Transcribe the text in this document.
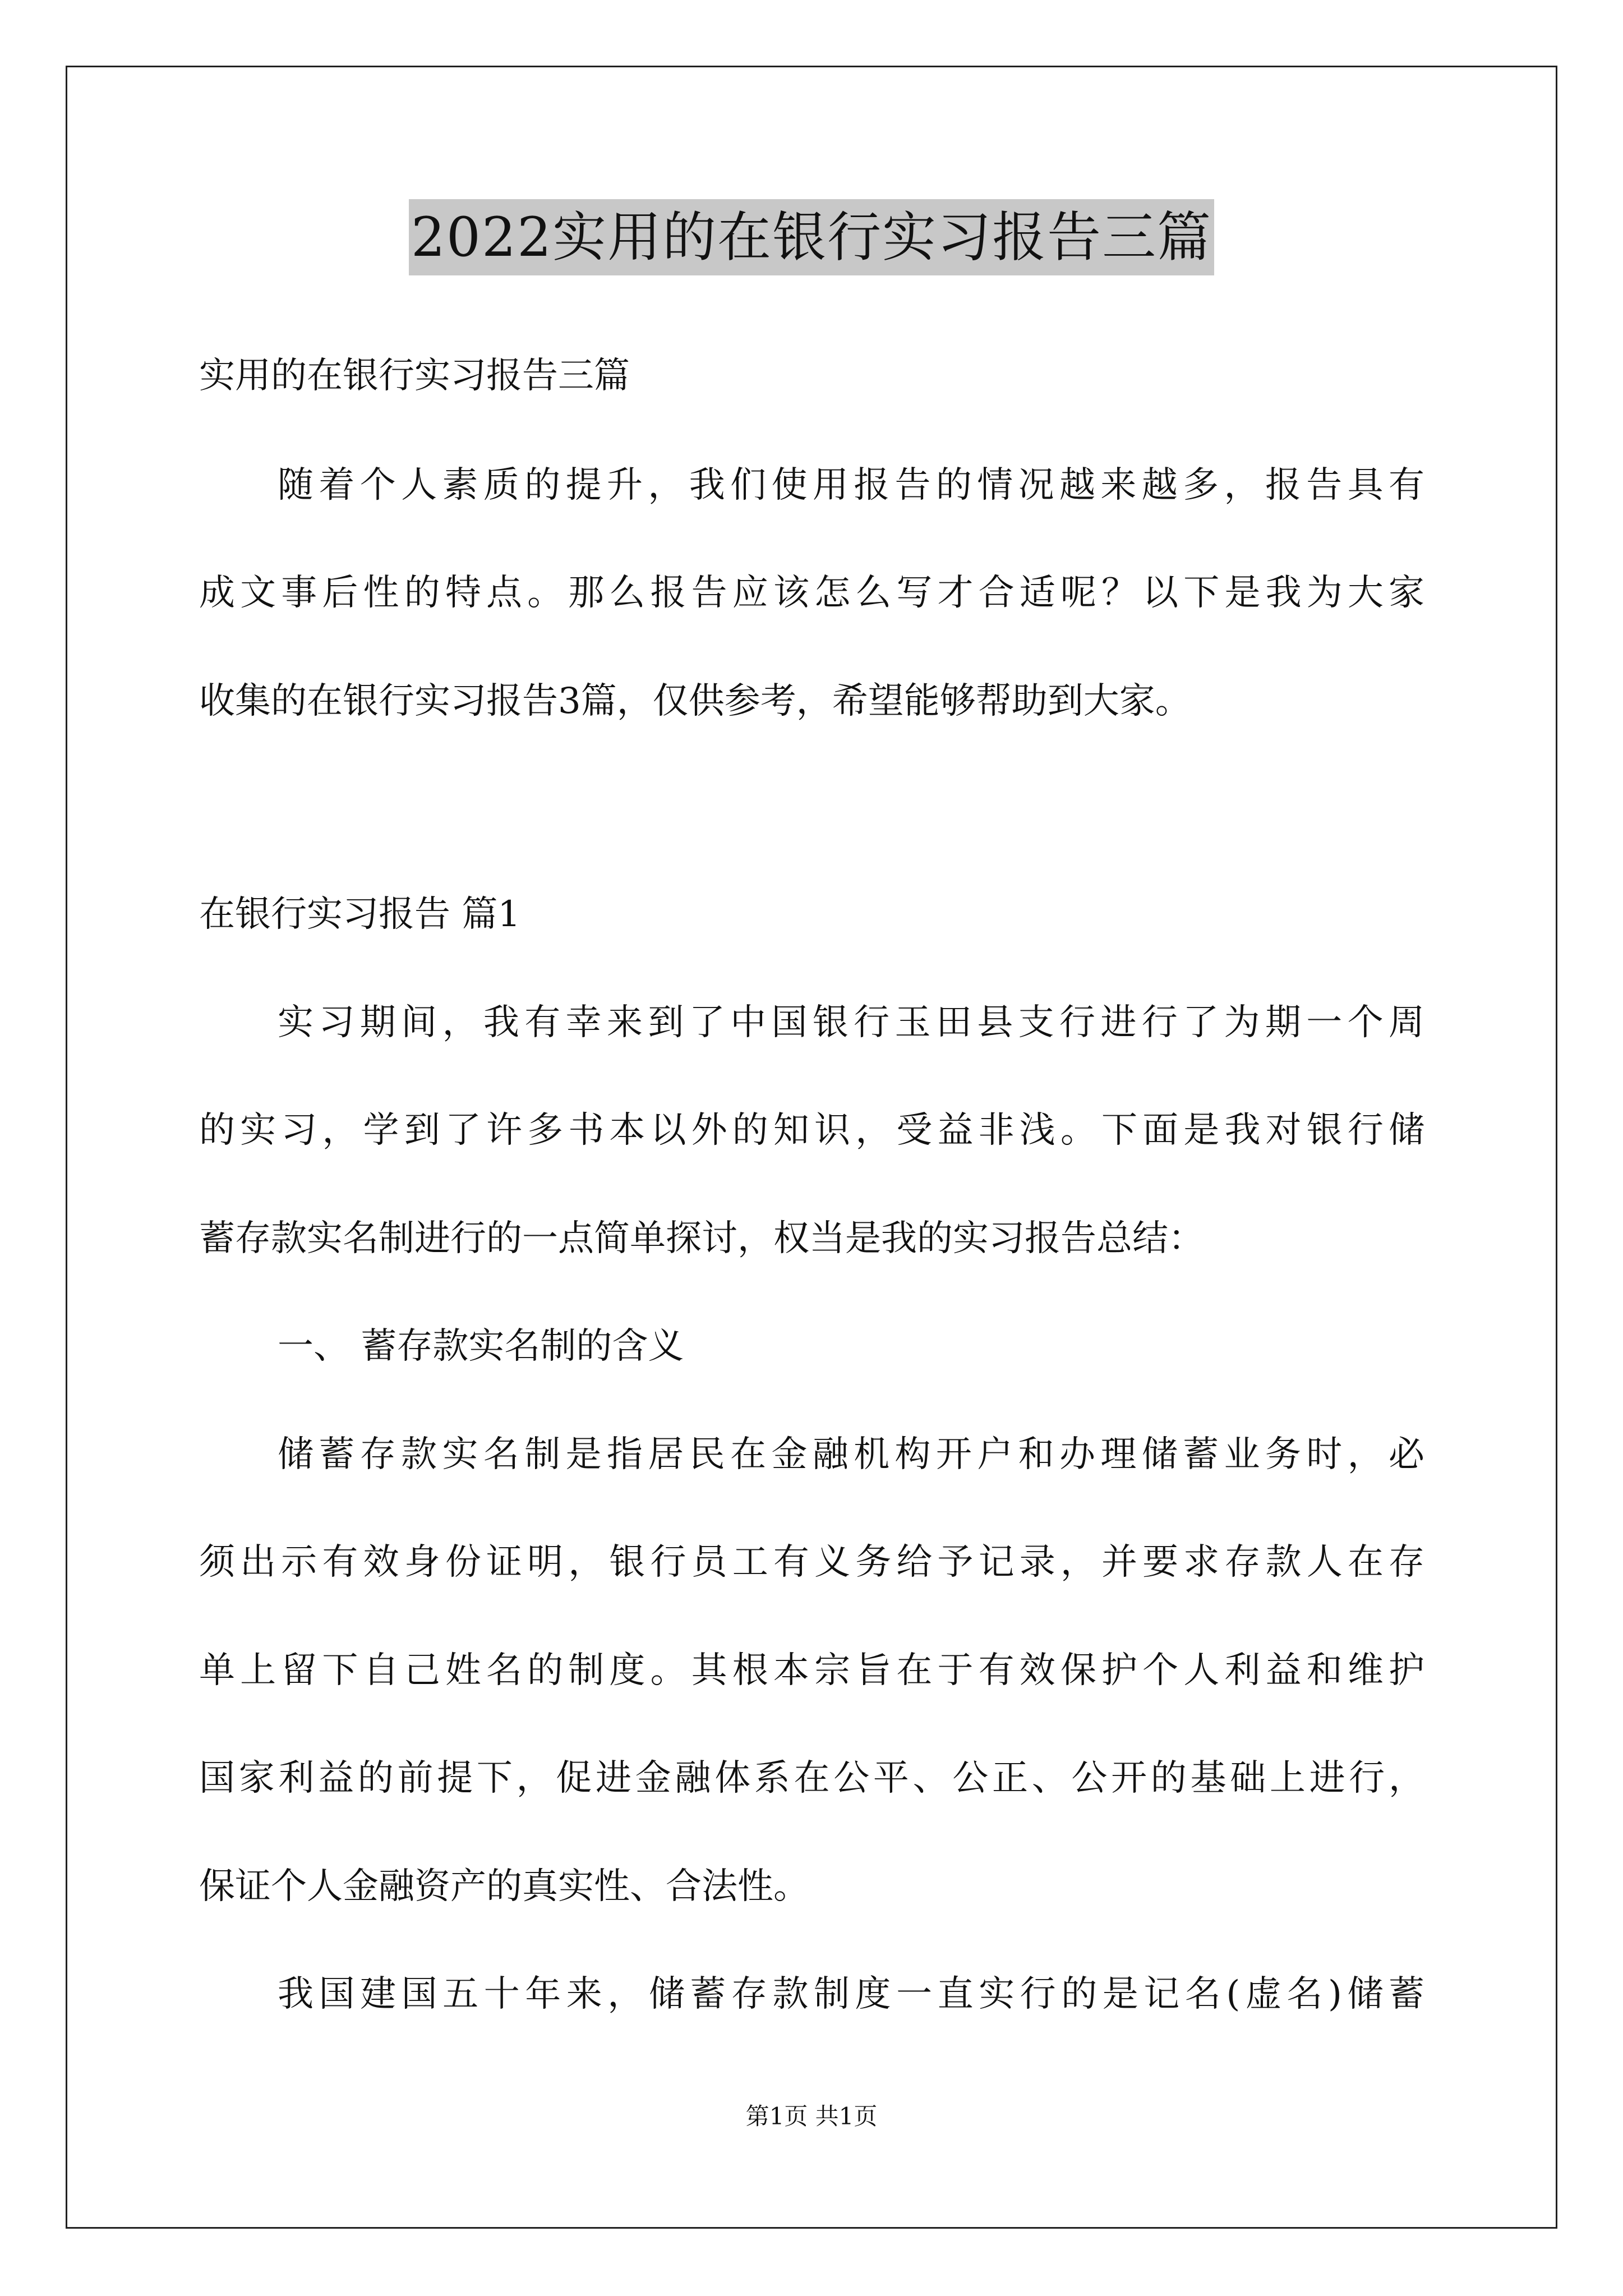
2022实用的在银行实习报告三篇
实用的在银行实习报告三篇
随着个人素质的提升，我们使用报告的情况越来越多，报告具有
成文事后性的特点。那么报告应该怎么写才合适呢？以下是我为大家
收集的在银行实习报告3篇，仅供参考，希望能够帮助到大家。
在银行实习报告 篇1
实习期间，我有幸来到了中国银行玉田县支行进行了为期一个周
的实习，学到了许多书本以外的知识，受益非浅。下面是我对银行储
蓄存款实名制进行的一点简单探讨，权当是我的实习报告总结：
一、 蓄存款实名制的含义
储蓄存款实名制是指居民在金融机构开户和办理储蓄业务时，必
须出示有效身份证明，银行员工有义务给予记录，并要求存款人在存
单上留下自己姓名的制度。其根本宗旨在于有效保护个人利益和维护
国家利益的前提下，促进金融体系在公平、公正、公开的基础上进行，
保证个人金融资产的真实性、合法性。
我国建国五十年来，储蓄存款制度一直实行的是记名(虚名)储蓄
第1页 共1页
